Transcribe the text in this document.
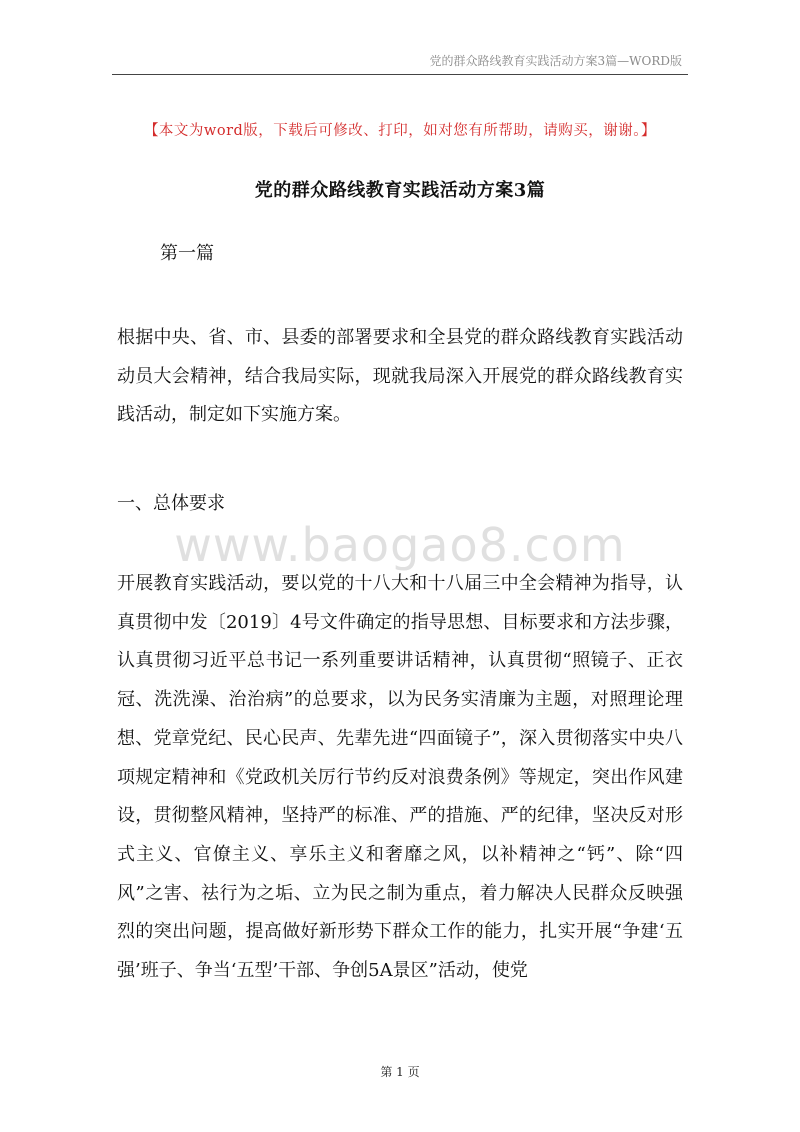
党的群众路线教育实践活动方案3篇—WORD版
【本文为word版，下载后可修改、打印，如对您有所帮助，请购买，谢谢。】
党的群众路线教育实践活动方案3篇
第一篇

根据中央、省、市、县委的部署要求和全县党的群众路线教育实践活动动员大会精神，结合我局实际，现就我局深入开展党的群众路线教育实践活动，制定如下实施方案。

一、总体要求
www.baogao8.com

开展教育实践活动，要以党的十八大和十八届三中全会精神为指导，认真贯彻中发〔2019〕4号文件确定的指导思想、目标要求和方法步骤，认真贯彻习近平总书记一系列重要讲话精神，认真贯彻“照镜子、正衣冠、洗洗澡、治治病”的总要求，以为民务实清廉为主题，对照理论理想、党章党纪、民心民声、先辈先进“四面镜子”，深入贯彻落实中央八项规定精神和《党政机关厉行节约反对浪费条例》等规定，突出作风建设，贯彻整风精神，坚持严的标准、严的措施、严的纪律，坚决反对形式主义、官僚主义、享乐主义和奢靡之风，以补精神之“钙”、除“四风”之害、祛行为之垢、立为民之制为重点，着力解决人民群众反映强烈的突出问题，提高做好新形势下群众工作的能力，扎实开展“争建‘五强’班子、争当‘五型’干部、争创5A景区”活动，使党

第 1 页
